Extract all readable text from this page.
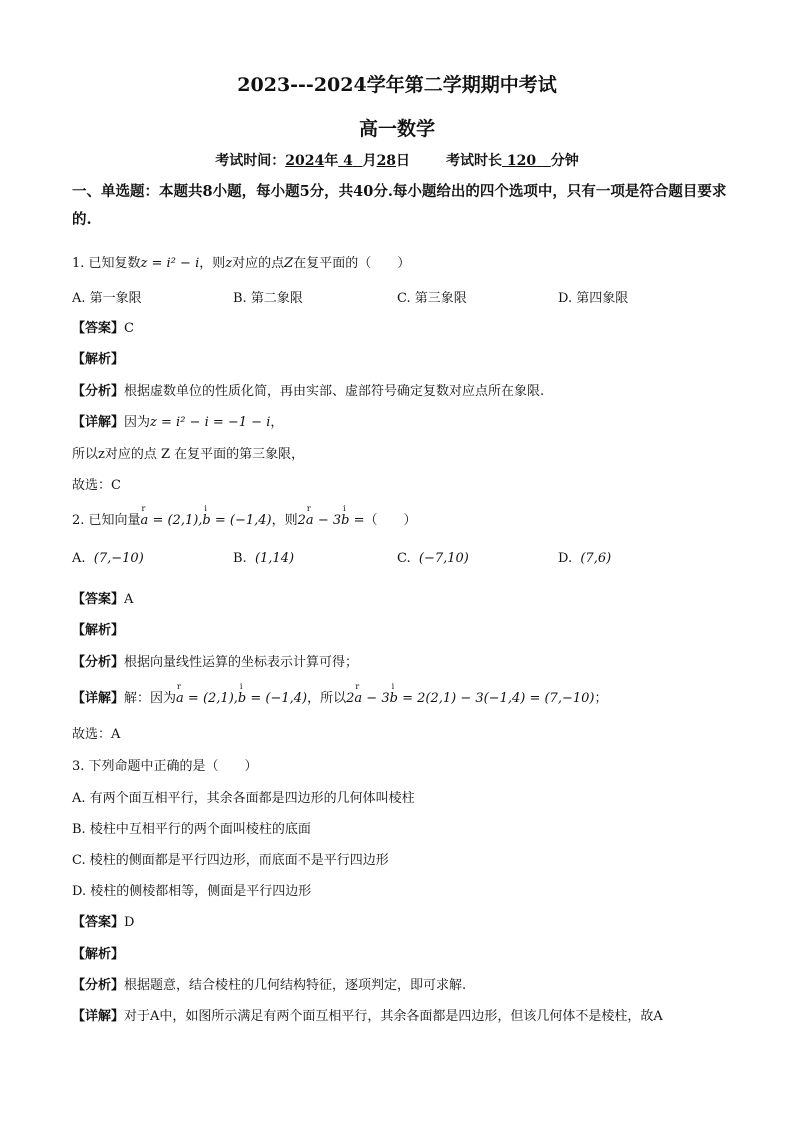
2023---2024学年第二学期期中考试
高一数学
考试时间：2024年 4 月28日	考试时长 120 分钟
一、单选题：本题共8小题，每小题5分，共40分.每小题给出的四个选项中，只有一项是符合题目要求的.
1. 已知复数z = i² − i，则z对应的点Z在复平面的（　　）
A. 第一象限	B. 第二象限	C. 第三象限	D. 第四象限
【答案】C
【解析】
【分析】根据虚数单位的性质化简，再由实部、虚部符号确定复数对应点所在象限.
【详解】因为z = i² − i = −1 − i，
所以z对应的点 Z 在复平面的第三象限，
故选：C
2. 已知向量r a = (2,1),i b = (−1,4)，则2r a − 3i b =（　　）
A. (7,−10)	B. (1,14)	C. (−7,10)	D. (7,6)
【答案】A
【解析】
【分析】根据向量线性运算的坐标表示计算可得；
【详解】解：因为r a = (2,1),i b = (−1,4)，所以2r a − 3i b = 2(2,1) − 3(−1,4) = (7,−10)；
故选：A
3. 下列命题中正确的是（　　）
A. 有两个面互相平行，其余各面都是四边形的几何体叫棱柱
B. 棱柱中互相平行的两个面叫棱柱的底面
C. 棱柱的侧面都是平行四边形，而底面不是平行四边形
D. 棱柱的侧棱都相等，侧面是平行四边形
【答案】D
【解析】
【分析】根据题意，结合棱柱的几何结构特征，逐项判定，即可求解.
【详解】对于A中，如图所示满足有两个面互相平行，其余各面都是四边形，但该几何体不是棱柱，故A
